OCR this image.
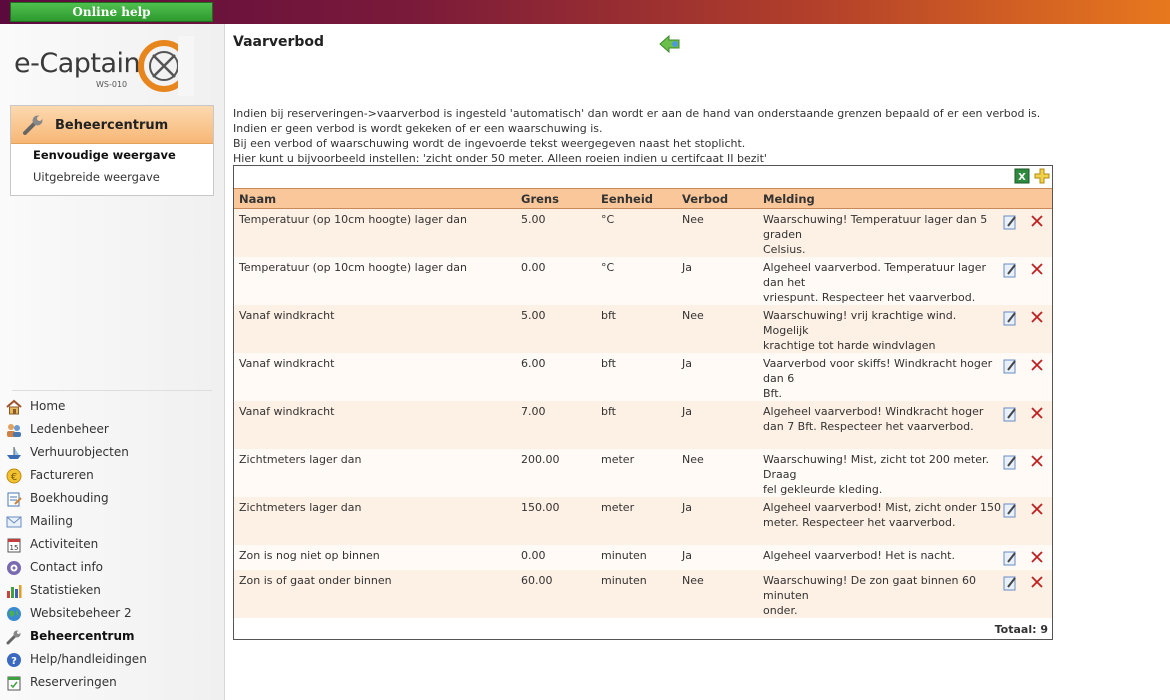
Online help
e-Captain
WS-010
Beheercentrum
Eenvoudige weergave
Uitgebreide weergave
Home
Ledenbeheer
Verhuurobjecten
€ Factureren
Boekhouding
Mailing
15 Activiteiten
Contact info
Statistieken
Websitebeheer 2
Beheercentrum
? Help/handleidingen
Reserveringen
Vaarverbod
Indien bij reserveringen->vaarverbod is ingesteld 'automatisch' dan wordt er aan de hand van onderstaande grenzen bepaald of er een verbod is.
Indien er geen verbod is wordt gekeken of er een waarschuwing is.
Bij een verbod of waarschuwing wordt de ingevoerde tekst weergegeven naast het stoplicht.
Hier kunt u bijvoorbeeld instellen: 'zicht onder 50 meter. Alleen roeien indien u certifcaat II bezit'
X
Naam	Grens	Eenheid	Verbod	Melding	
Temperatuur (op 10cm hoogte) lager dan	5.00	°C	Nee	Waarschuwing! Temperatuur lager dan 5 graden
Celsius.

Temperatuur (op 10cm hoogte) lager dan	0.00	°C	Ja	Algeheel vaarverbod. Temperatuur lager dan het
vriespunt. Respecteer het vaarverbod.

Vanaf windkracht	5.00	bft	Nee	Waarschuwing! vrij krachtige wind. Mogelijk
krachtige tot harde windvlagen

Vanaf windkracht	6.00	bft	Ja	Vaarverbod voor skiffs! Windkracht hoger dan 6
Bft.

Vanaf windkracht	7.00	bft	Ja	Algeheel vaarverbod! Windkracht hoger dan 7 Bft. Respecteer het vaarverbod.

Zichtmeters lager dan	200.00	meter	Nee	Waarschuwing! Mist, zicht tot 200 meter. Draag
fel gekleurde kleding.

Zichtmeters lager dan	150.00	meter	Ja	Algeheel vaarverbod! Mist, zicht onder 150
meter. Respecteer het vaarverbod.

Zon is nog niet op binnen	0.00	minuten	Ja	Algeheel vaarverbod! Het is nacht.

Zon is of gaat onder binnen	60.00	minuten	Nee	Waarschuwing! De zon gaat binnen 60 minuten
onder.

Totaal: 9
